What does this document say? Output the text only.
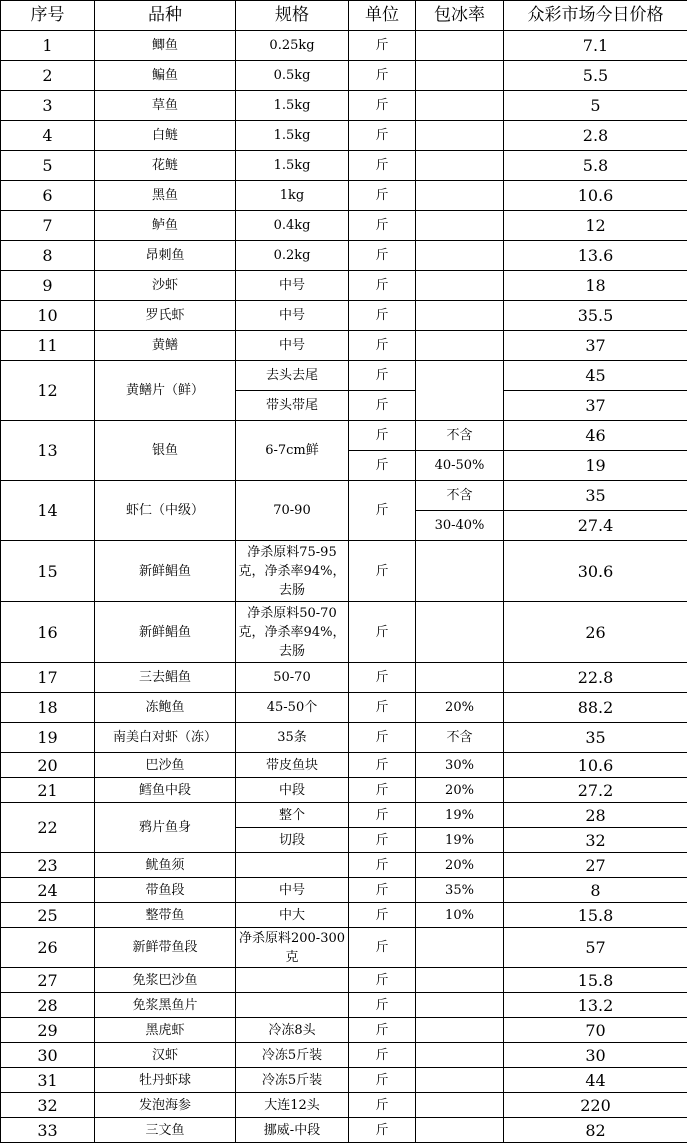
序号	品种	规格	单位	包冰率	众彩市场今日价格
1	鲫鱼	0.25kg	斤		7.1
2	鳊鱼	0.5kg	斤		5.5
3	草鱼	1.5kg	斤		5
4	白鲢	1.5kg	斤		2.8
5	花鲢	1.5kg	斤		5.8
6	黑鱼	1kg	斤		10.6
7	鲈鱼	0.4kg	斤		12
8	昂刺鱼	0.2kg	斤		13.6
9	沙虾	中号	斤		18
10	罗氏虾	中号	斤		35.5
11	黄鳝	中号	斤		37
12	黄鳝片（鲜）	去头去尾	斤		45
		带头带尾	斤		37
13	银鱼	6-7cm鲜	斤	不含	46
			斤	40-50%	19
14	虾仁（中级）	70-90	斤	不含	35
				30-40%	27.4
15	新鲜鲳鱼	净杀原料75-95克，净杀率94%，去肠	斤		30.6
16	新鲜鲳鱼	净杀原料50-70克，净杀率94%，去肠	斤		26
17	三去鲳鱼	50-70	斤		22.8
18	冻鲍鱼	45-50个	斤	20%	88.2
19	南美白对虾（冻）	35条	斤	不含	35
20	巴沙鱼	带皮鱼块	斤	30%	10.6
21	鳕鱼中段	中段	斤	20%	27.2
22	鸦片鱼身	整个	斤	19%	28
		切段	斤	19%	32
23	鱿鱼须		斤	20%	27
24	带鱼段	中号	斤	35%	8
25	整带鱼	中大	斤	10%	15.8
26	新鲜带鱼段	净杀原料200-300克	斤		57
27	免浆巴沙鱼		斤		15.8
28	免浆黑鱼片		斤		13.2
29	黑虎虾	冷冻8头	斤		70
30	汉虾	冷冻5斤装	斤		30
31	牡丹虾球	冷冻5斤装	斤		44
32	发泡海参	大连12头	斤		220
33	三文鱼	挪威-中段	斤		82
